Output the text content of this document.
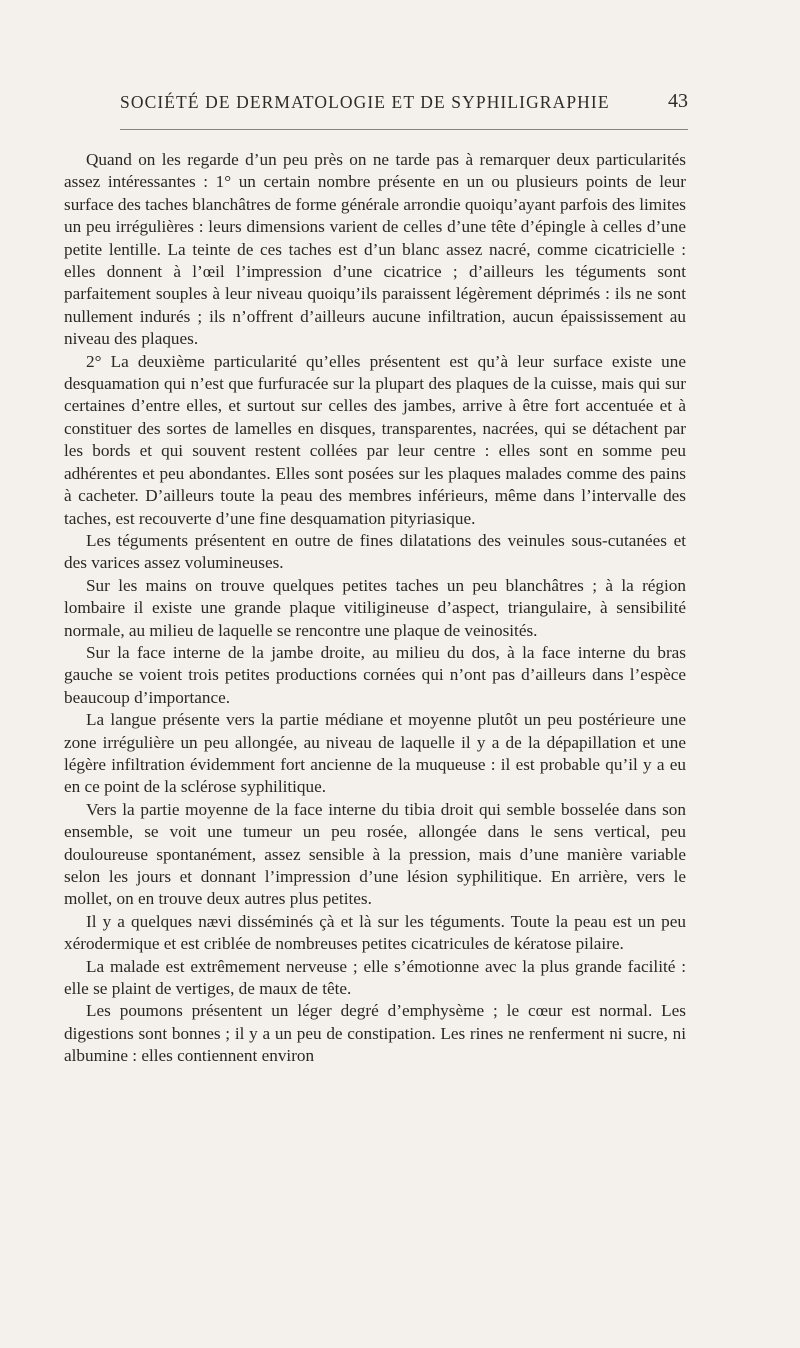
SOCIÉTÉ DE DERMATOLOGIE ET DE SYPHILIGRAPHIE	43

Quand on les regarde d’un peu près on ne tarde pas à remarquer deux particularités assez intéressantes : 1° un certain nombre présente en un ou plusieurs points de leur surface des taches blanchâtres de forme générale arrondie quoiqu’ayant parfois des limites un peu irrégulières : leurs dimensions varient de celles d’une tête d’épingle à celles d’une petite lentille. La teinte de ces taches est d’un blanc assez nacré, comme cicatricielle : elles donnent à l’œil l’impression d’une cicatrice ; d’ailleurs les téguments sont parfaitement souples à leur niveau quoiqu’ils paraissent légèrement déprimés : ils ne sont nullement indurés ; ils n’offrent d’ailleurs aucune infiltration, aucun épaississement au niveau des plaques.

2° La deuxième particularité qu’elles présentent est qu’à leur surface existe une desquamation qui n’est que furfuracée sur la plupart des plaques de la cuisse, mais qui sur certaines d’entre elles, et surtout sur celles des jambes, arrive à être fort accentuée et à constituer des sortes de lamelles en disques, transparentes, nacrées, qui se détachent par les bords et qui souvent restent collées par leur centre : elles sont en somme peu adhérentes et peu abondantes. Elles sont posées sur les plaques malades comme des pains à cacheter. D’ailleurs toute la peau des membres inférieurs, même dans l’intervalle des taches, est recouverte d’une fine desquamation pityriasique.

Les téguments présentent en outre de fines dilatations des veinules sous-cutanées et des varices assez volumineuses.

Sur les mains on trouve quelques petites taches un peu blanchâtres ; à la région lombaire il existe une grande plaque vitiligineuse d’aspect, triangulaire, à sensibilité normale, au milieu de laquelle se rencontre une plaque de veinosités.

Sur la face interne de la jambe droite, au milieu du dos, à la face interne du bras gauche se voient trois petites productions cornées qui n’ont pas d’ailleurs dans l’espèce beaucoup d’importance.

La langue présente vers la partie médiane et moyenne plutôt un peu postérieure une zone irrégulière un peu allongée, au niveau de laquelle il y a de la dépapillation et une légère infiltration évidemment fort ancienne de la muqueuse : il est probable qu’il y a eu en ce point de la sclérose syphilitique.

Vers la partie moyenne de la face interne du tibia droit qui semble bosselée dans son ensemble, se voit une tumeur un peu rosée, allongée dans le sens vertical, peu douloureuse spontanément, assez sensible à la pression, mais d’une manière variable selon les jours et donnant l’impression d’une lésion syphilitique. En arrière, vers le mollet, on en trouve deux autres plus petites.

Il y a quelques nævi disséminés çà et là sur les téguments. Toute la peau est un peu xérodermique et est criblée de nombreuses petites cicatricules de kératose pilaire.

La malade est extrêmement nerveuse ; elle s’émotionne avec la plus grande facilité : elle se plaint de vertiges, de maux de tête.

Les poumons présentent un léger degré d’emphysème ; le cœur est normal. Les digestions sont bonnes ; il y a un peu de constipation. Les rines ne renferment ni sucre, ni albumine : elles contiennent environ
